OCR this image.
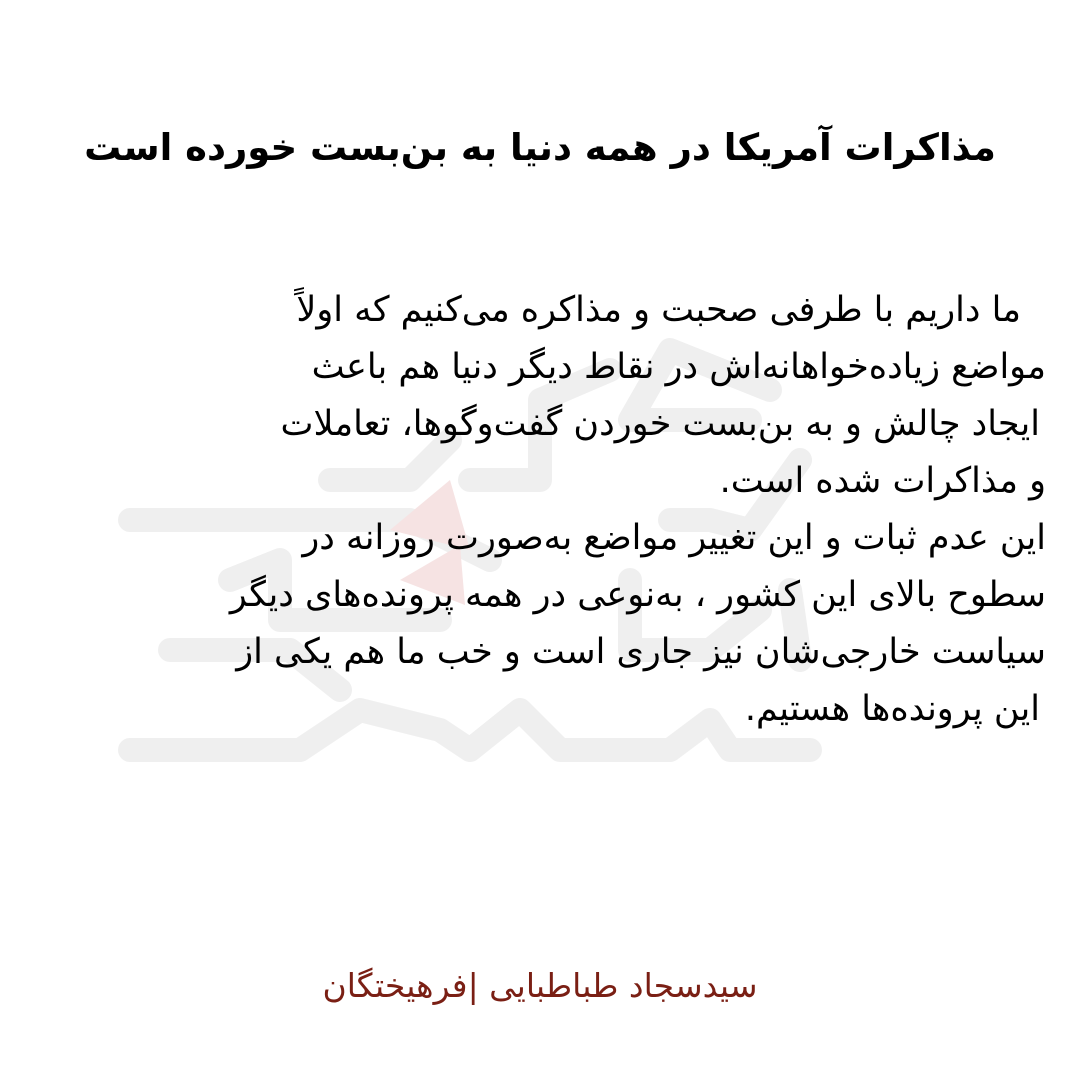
مذاکرات آمریکا در همه دنیا به بن‌بست خورده است
ما داریم با طرفی صحبت و مذاکره می‌کنیم که اولاً
مواضع زیاده‌خواهانه‌اش در نقاط دیگر دنیا هم باعث
ایجاد چالش و به بن‌بست خوردن گفت‌وگوها، تعاملات
و مذاکرات شده است.
این عدم ثبات و این تغییر مواضع به‌صورت روزانه در
سطوح بالای این کشور ، به‌نوعی در همه پرونده‌های دیگر
سیاست خارجی‌شان نیز جاری است و خب ما هم یکی از
این پرونده‌ها هستیم.
سیدسجاد طباطبایی |فرهیختگان
